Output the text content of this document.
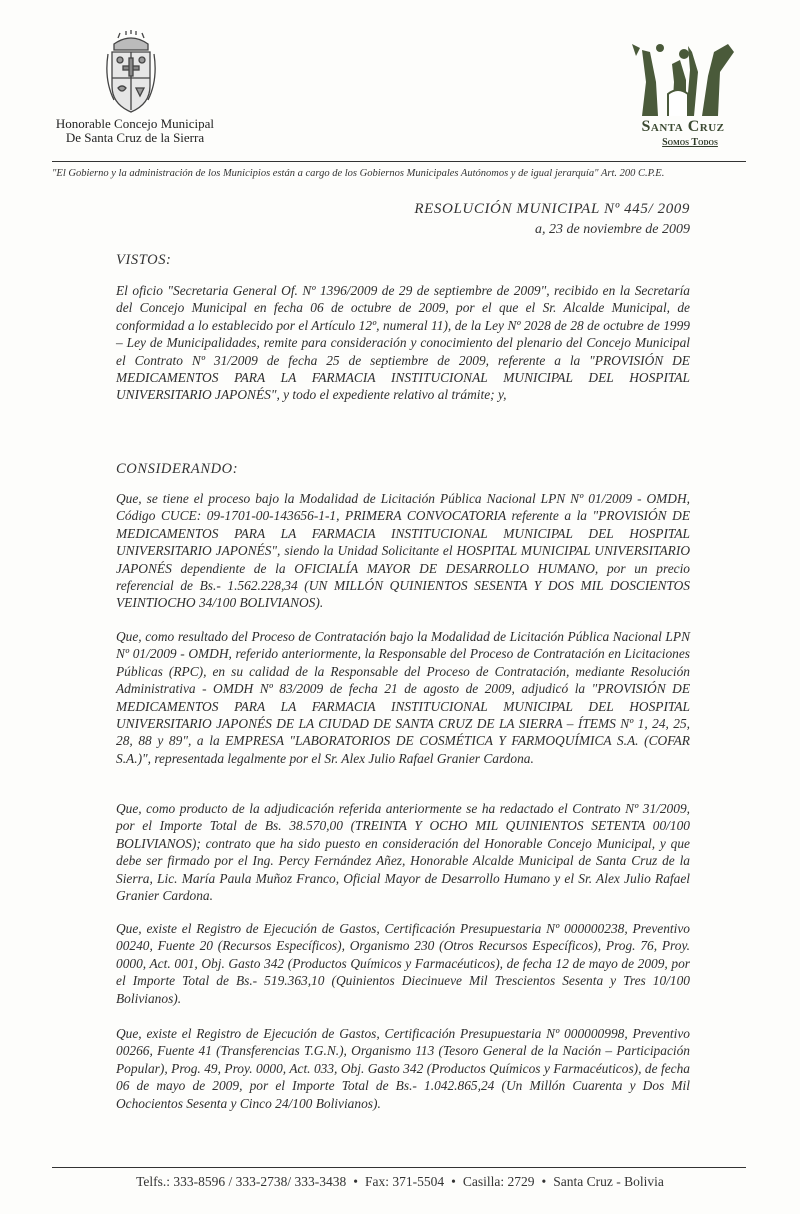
Honorable Concejo Municipal
De Santa Cruz de la Sierra
Santa Cruz
Somos Todos
"El Gobierno y la administración de los Municipios están a cargo de los Gobiernos Municipales Autónomos y de igual jerarquía" Art. 200 C.P.E.
RESOLUCIÓN MUNICIPAL Nº 445/ 2009
a, 23 de noviembre de 2009
VISTOS:
El oficio "Secretaria General Of. Nº 1396/2009 de 29 de septiembre de 2009", recibido en la Secretaría del Concejo Municipal en fecha 06 de octubre de 2009, por el que el Sr. Alcalde Municipal, de conformidad a lo establecido por el Artículo 12º, numeral 11), de la Ley Nº 2028 de 28 de octubre de 1999 – Ley de Municipalidades, remite para consideración y conocimiento del plenario del Concejo Municipal el Contrato Nº 31/2009 de fecha 25 de septiembre de 2009, referente a la "PROVISIÓN DE MEDICAMENTOS PARA LA FARMACIA INSTITUCIONAL MUNICIPAL DEL HOSPITAL UNIVERSITARIO JAPONÉS", y todo el expediente relativo al trámite; y,
CONSIDERANDO:
Que, se tiene el proceso bajo la Modalidad de Licitación Pública Nacional LPN Nº 01/2009 - OMDH, Código CUCE: 09-1701-00-143656-1-1, PRIMERA CONVOCATORIA referente a la "PROVISIÓN DE MEDICAMENTOS PARA LA FARMACIA INSTITUCIONAL MUNICIPAL DEL HOSPITAL UNIVERSITARIO JAPONÉS", siendo la Unidad Solicitante el HOSPITAL MUNICIPAL UNIVERSITARIO JAPONÉS dependiente de la OFICIALÍA MAYOR DE DESARROLLO HUMANO, por un precio referencial de Bs.- 1.562.228,34 (UN MILLÓN QUINIENTOS SESENTA Y DOS MIL DOSCIENTOS VEINTIOCHO 34/100 BOLIVIANOS).
Que, como resultado del Proceso de Contratación bajo la Modalidad de Licitación Pública Nacional LPN Nº 01/2009 - OMDH, referido anteriormente, la Responsable del Proceso de Contratación en Licitaciones Públicas (RPC), en su calidad de la Responsable del Proceso de Contratación, mediante Resolución Administrativa - OMDH Nº 83/2009 de fecha 21 de agosto de 2009, adjudicó la "PROVISIÓN DE MEDICAMENTOS PARA LA FARMACIA INSTITUCIONAL MUNICIPAL DEL HOSPITAL UNIVERSITARIO JAPONÉS DE LA CIUDAD DE SANTA CRUZ DE LA SIERRA – ÍTEMS Nº 1, 24, 25, 28, 88 y 89", a la EMPRESA "LABORATORIOS DE COSMÉTICA Y FARMOQUÍMICA S.A. (COFAR S.A.)", representada legalmente por el Sr. Alex Julio Rafael Granier Cardona.
Que, como producto de la adjudicación referida anteriormente se ha redactado el Contrato Nº 31/2009, por el Importe Total de Bs. 38.570,00 (TREINTA Y OCHO MIL QUINIENTOS SETENTA 00/100 BOLIVIANOS); contrato que ha sido puesto en consideración del Honorable Concejo Municipal, y que debe ser firmado por el Ing. Percy Fernández Añez, Honorable Alcalde Municipal de Santa Cruz de la Sierra, Lic. María Paula Muñoz Franco, Oficial Mayor de Desarrollo Humano y el Sr. Alex Julio Rafael Granier Cardona.
Que, existe el Registro de Ejecución de Gastos, Certificación Presupuestaria Nº 000000238, Preventivo 00240, Fuente 20 (Recursos Específicos), Organismo 230 (Otros Recursos Específicos), Prog. 76, Proy. 0000, Act. 001, Obj. Gasto 342 (Productos Químicos y Farmacéuticos), de fecha 12 de mayo de 2009, por el Importe Total de Bs.- 519.363,10 (Quinientos Diecinueve Mil Trescientos Sesenta y Tres 10/100 Bolivianos).
Que, existe el Registro de Ejecución de Gastos, Certificación Presupuestaria Nº 000000998, Preventivo 00266, Fuente 41 (Transferencias T.G.N.), Organismo 113 (Tesoro General de la Nación – Participación Popular), Prog. 49, Proy. 0000, Act. 033, Obj. Gasto 342 (Productos Químicos y Farmacéuticos), de fecha 06 de mayo de 2009, por el Importe Total de Bs.- 1.042.865,24 (Un Millón Cuarenta y Dos Mil Ochocientos Sesenta y Cinco 24/100 Bolivianos).
Telfs.: 333-8596 / 333-2738/ 333-3438 • Fax: 371-5504 • Casilla: 2729 • Santa Cruz - Bolivia
